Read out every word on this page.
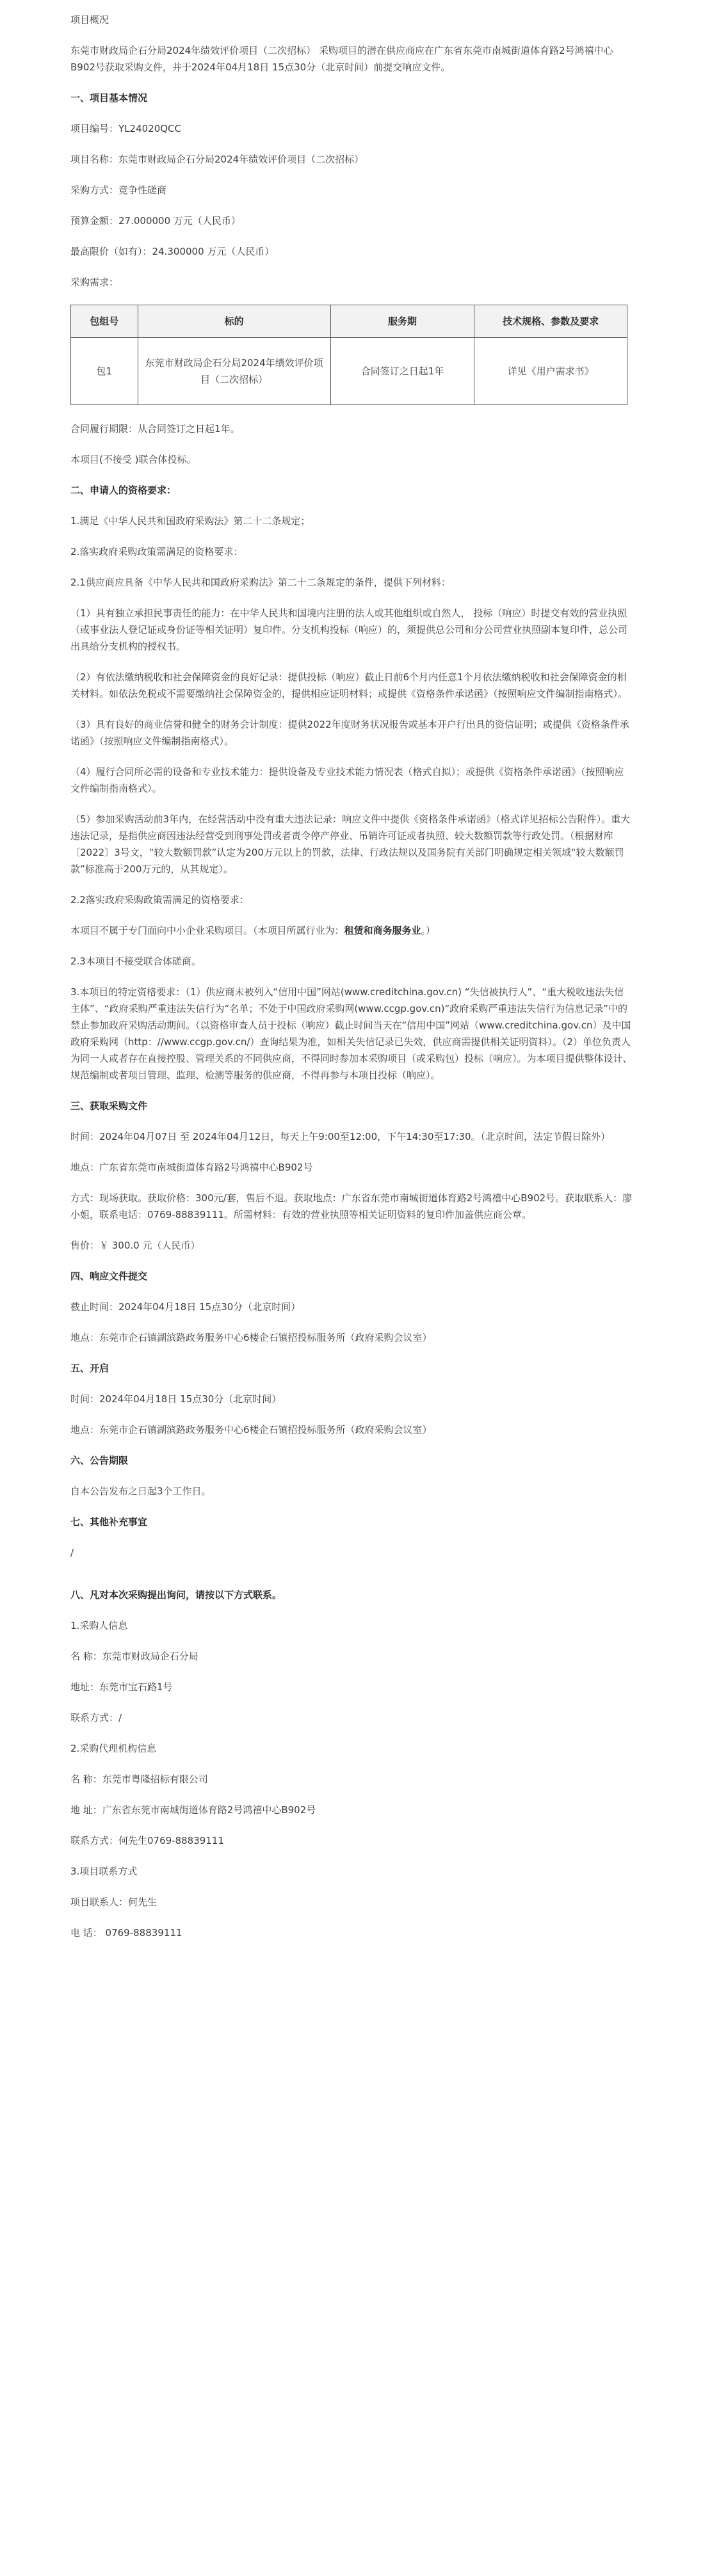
项目概况

东莞市财政局企石分局2024年绩效评价项目（二次招标） 采购项目的潜在供应商应在广东省东莞市南城街道体育路2号鸿禧中心B902号获取采购文件，并于2024年04月18日 15点30分（北京时间）前提交响应文件。

一、项目基本情况

项目编号：YL24020QCC

项目名称：东莞市财政局企石分局2024年绩效评价项目（二次招标）

采购方式：竞争性磋商

预算金额：27.000000 万元（人民币）

最高限价（如有）：24.300000 万元（人民币）

采购需求：

包组号	标的	服务期	技术规格、参数及要求
包1	东莞市财政局企石分局2024年绩效评价项目（二次招标）	合同签订之日起1年	详见《用户需求书》

合同履行期限：从合同签订之日起1年。

本项目(不接受 )联合体投标。

二、申请人的资格要求：

1.满足《中华人民共和国政府采购法》第二十二条规定；

2.落实政府采购政策需满足的资格要求：

2.1供应商应具备《中华人民共和国政府采购法》第二十二条规定的条件，提供下列材料：

（1）具有独立承担民事责任的能力：在中华人民共和国境内注册的法人或其他组织或自然人， 投标（响应）时提交有效的营业执照（或事业法人登记证或身份证等相关证明）复印件。分支机构投标（响应）的，须提供总公司和分公司营业执照副本复印件，总公司出具给分支机构的授权书。

（2）有依法缴纳税收和社会保障资金的良好记录：提供投标（响应）截止日前6个月内任意1个月依法缴纳税收和社会保障资金的相关材料。如依法免税或不需要缴纳社会保障资金的，提供相应证明材料；或提供《资格条件承诺函》（按照响应文件编制指南格式）。

（3）具有良好的商业信誉和健全的财务会计制度：提供2022年度财务状况报告或基本开户行出具的资信证明；或提供《资格条件承诺函》（按照响应文件编制指南格式）。

（4）履行合同所必需的设备和专业技术能力：提供设备及专业技术能力情况表（格式自拟）；或提供《资格条件承诺函》（按照响应文件编制指南格式）。

（5）参加采购活动前3年内，在经营活动中没有重大违法记录：响应文件中提供《资格条件承诺函》（格式详见招标公告附件）。重大违法记录，是指供应商因违法经营受到刑事处罚或者责令停产停业、吊销许可证或者执照、较大数额罚款等行政处罚。（根据财库〔2022〕3号文，“较大数额罚款”认定为200万元以上的罚款，法律、行政法规以及国务院有关部门明确规定相关领域“较大数额罚款”标准高于200万元的，从其规定）。

2.2落实政府采购政策需满足的资格要求：

本项目不属于专门面向中小企业采购项目。（本项目所属行业为：租赁和商务服务业。）

2.3本项目不接受联合体磋商。

3.本项目的特定资格要求：（1）供应商未被列入“信用中国”网站(www.creditchina.gov.cn) “失信被执行人”、“重大税收违法失信主体”、“政府采购严重违法失信行为”名单；不处于中国政府采购网(www.ccgp.gov.cn)“政府采购严重违法失信行为信息记录”中的禁止参加政府采购活动期间。（以资格审查人员于投标（响应）截止时间当天在“信用中国”网站（www.creditchina.gov.cn）及中国政府采购网（http：//www.ccgp.gov.cn/）查询结果为准，如相关失信记录已失效，供应商需提供相关证明资料）。（2）单位负责人为同一人或者存在直接控股、管理关系的不同供应商，不得同时参加本采购项目（或采购包）投标（响应）。为本项目提供整体设计、规范编制或者项目管理、监理、检测等服务的供应商，不得再参与本项目投标（响应）。

三、获取采购文件

时间：2024年04月07日 至 2024年04月12日，每天上午9:00至12:00，下午14:30至17:30。（北京时间，法定节假日除外）

地点：广东省东莞市南城街道体育路2号鸿禧中心B902号

方式：现场获取。获取价格：300元/套，售后不退。获取地点：广东省东莞市南城街道体育路2号鸿禧中心B902号。获取联系人：廖小姐，联系电话：0769-88839111。所需材料：有效的营业执照等相关证明资料的复印件加盖供应商公章。

售价：￥ 300.0 元（人民币）

四、响应文件提交

截止时间：2024年04月18日 15点30分（北京时间）

地点：东莞市企石镇湖滨路政务服务中心6楼企石镇招投标服务所（政府采购会议室）

五、开启

时间：2024年04月18日 15点30分（北京时间）

地点：东莞市企石镇湖滨路政务服务中心6楼企石镇招投标服务所（政府采购会议室）

六、公告期限

自本公告发布之日起3个工作日。

七、其他补充事宜

/

八、凡对本次采购提出询问，请按以下方式联系。

1.采购人信息

名 称：东莞市财政局企石分局

地址：东莞市宝石路1号

联系方式：/

2.采购代理机构信息

名 称：东莞市粤隆招标有限公司

地 址：广东省东莞市南城街道体育路2号鸿禧中心B902号

联系方式：何先生0769-88839111

3.项目联系方式

项目联系人：何先生

电 话： 0769-88839111
